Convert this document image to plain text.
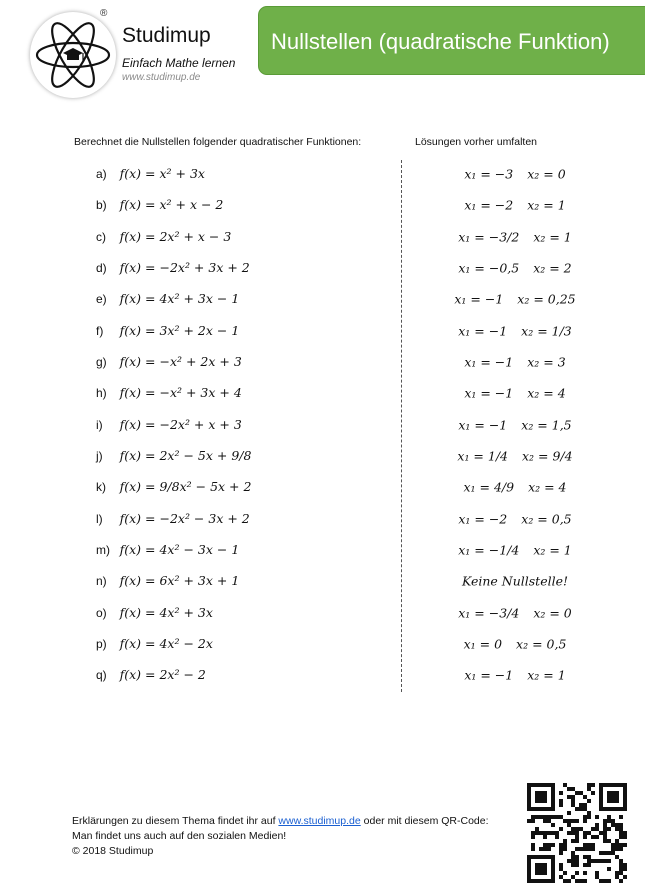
®
Studimup
Einfach Mathe lernen
www.studimup.de
Nullstellen (quadratische Funktion)
Berechnet die Nullstellen folgender quadratischer Funktionen:	Lösungen vorher umfalten
a) f(x) = x² + 3x
b) f(x) = x² + x − 2
c) f(x) = 2x² + x − 3
d) f(x) = −2x² + 3x + 2
e) f(x) = 4x² + 3x − 1
f) f(x) = 3x² + 2x − 1
g) f(x) = −x² + 2x + 3
h) f(x) = −x² + 3x + 4
i) f(x) = −2x² + x + 3
j) f(x) = 2x² − 5x + 9/8
k) f(x) = 9/8x² − 5x + 2
l) f(x) = −2x² − 3x + 2
m) f(x) = 4x² − 3x − 1
n) f(x) = 6x² + 3x + 1
o) f(x) = 4x² + 3x
p) f(x) = 4x² − 2x
q) f(x) = 2x² − 2
x₁ = −3 x₂ = 0
x₁ = −2 x₂ = 1
x₁ = −3/2 x₂ = 1
x₁ = −0,5 x₂ = 2
x₁ = −1 x₂ = 0,25
x₁ = −1 x₂ = 1/3
x₁ = −1 x₂ = 3
x₁ = −1 x₂ = 4
x₁ = −1 x₂ = 1,5
x₁ = 1/4 x₂ = 9/4
x₁ = 4/9 x₂ = 4
x₁ = −2 x₂ = 0,5
x₁ = −1/4 x₂ = 1
Keine Nullstelle!
x₁ = −3/4 x₂ = 0
x₁ = 0 x₂ = 0,5
x₁ = −1 x₂ = 1
Erklärungen zu diesem Thema findet ihr auf www.studimup.de oder mit diesem QR-Code:
Man findet uns auch auf den sozialen Medien!
© 2018 Studimup
